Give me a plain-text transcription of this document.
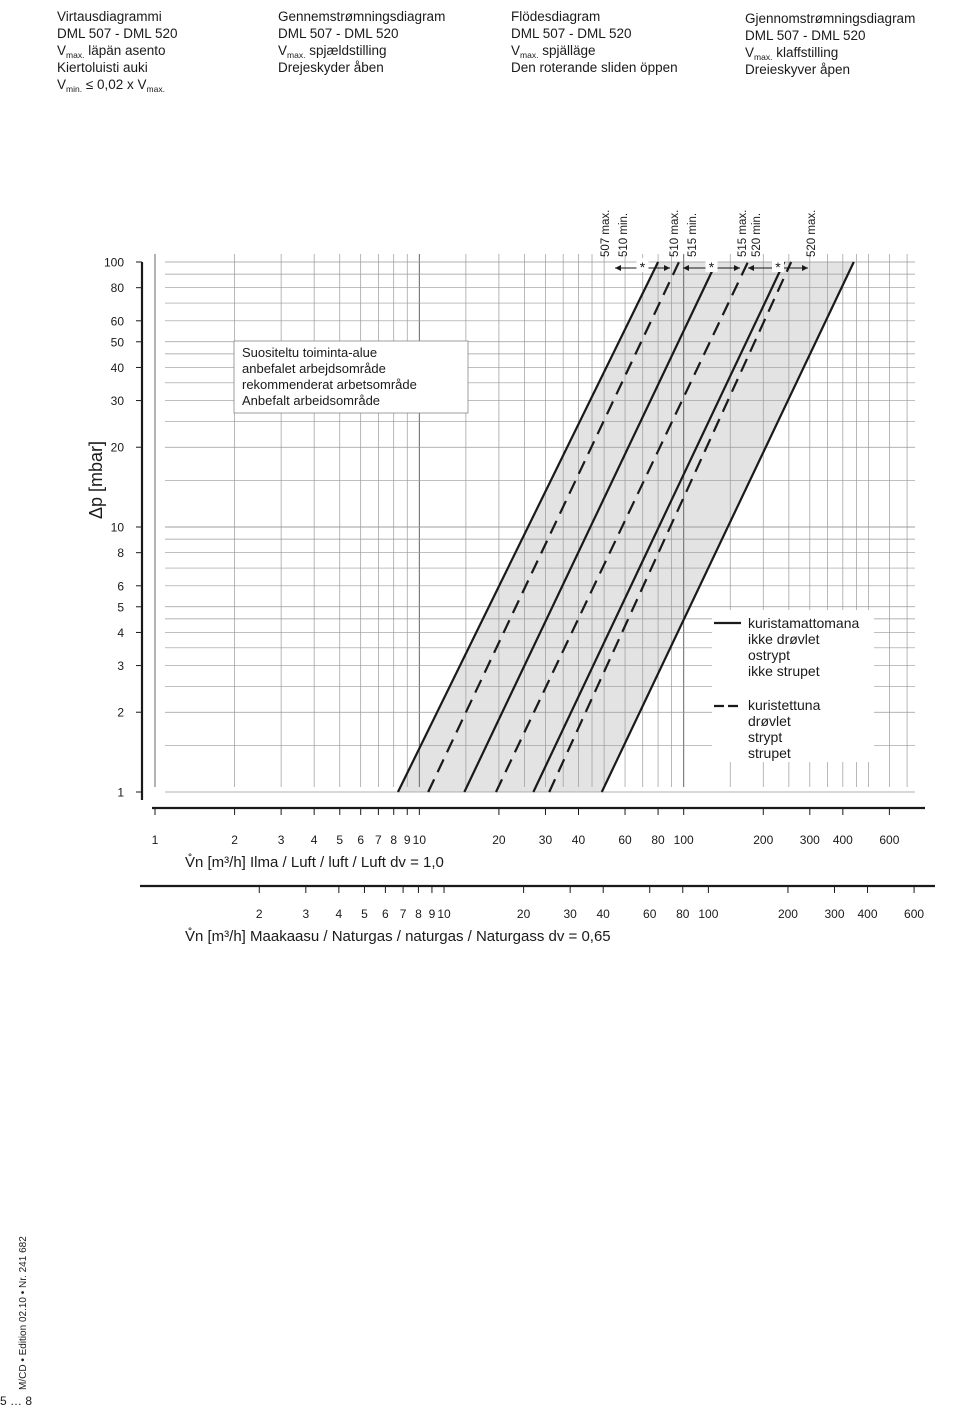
Virtausdiagrammi
DML 507 - DML 520
$V_{max.}$ läpän asento
Kiertoluisti auki
$V_{min.} \le 0,02$ x $V_{max.}$
Gennemstrømningsdiagram
DML 507 - DML 520
$V_{max.}$ spjældstilling
Drejeskyder åben
Flödesdiagram
DML 507 - DML 520
$V_{max.}$ spjälläge
Den roterande sliden öppen
Gjennomstrømningsdiagram
DML 507 - DML 520
$V_{max.}$ klaffstilling
Dreieskyver åpen
1
2
3
4
5
6
8
10
20
30
40
50
60
80
100
Δp [mbar]
1	2	3 4 5 6 7 8 9 10	20	30 40	60 80 100	200 300 400 600
V̊n [m³/h] Ilma / Luft / luft / Luft dv = 1,0
2	3 4 5 6 7 8 9 10	20	30 40	60 80 100	200 300 400 600
V̊n [m³/h] Maakaasu / Naturgas / naturgas / Naturgass dv = 0,65
507 max. 510 min.	510 max. 515 min.	515 max. 520 min.	520 max.
*	*	*
Suositeltu toiminta-alue
anbefalet arbejdsområde
rekommenderat arbetsområde
Anbefalt arbeidsområde
kuristamattomana
ikke drøvlet
ostrypt
ikke strupet
kuristettuna
drøvlet
strypt
strupet
M/CD • Edition 02.10 • Nr. 241 682
5 … 8
